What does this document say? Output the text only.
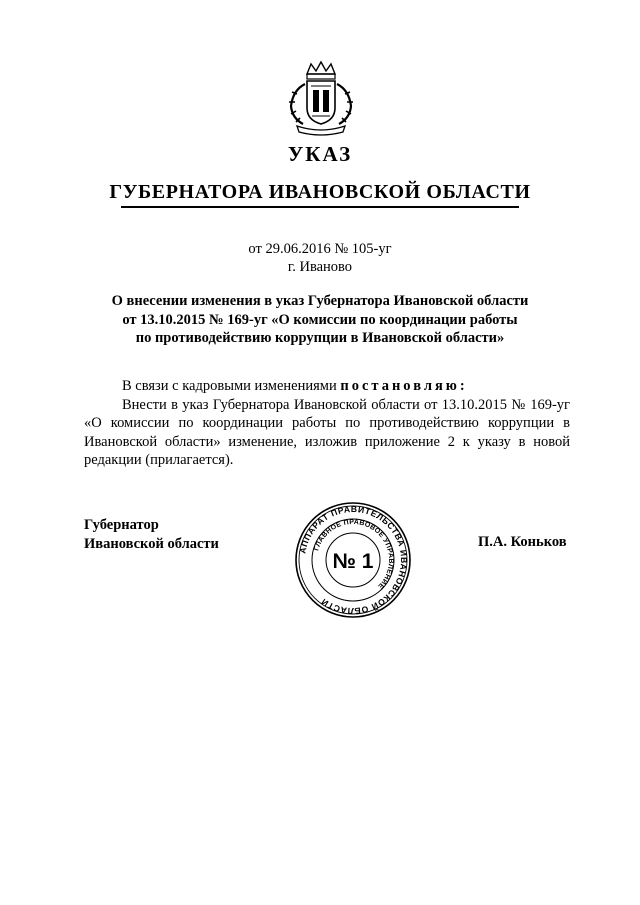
УКАЗ
ГУБЕРНАТОРА ИВАНОВСКОЙ ОБЛАСТИ
от 29.06.2016 № 105-уг
г. Иваново
О внесении изменения в указ Губернатора Ивановской области
от 13.10.2015 № 169-уг «О комиссии по координации работы
по противодействию коррупции в Ивановской области»

В связи с кадровыми изменениями постановляю:

Внести в указ Губернатора Ивановской области от 13.10.2015 № 169-уг «О комиссии по координации работы по противодействию коррупции в Ивановской области» изменение, изложив приложение 2 к указу в новой редакции (прилагается).

Губернатор
Ивановской области	П.А. Коньков
АППАРАТ ПРАВИТЕЛЬСТВА ИВАНОВСКОЙ ОБЛАСТИ
ГЛАВНОЕ ПРАВОВОЕ УПРАВЛЕНИЕ
№ 1
